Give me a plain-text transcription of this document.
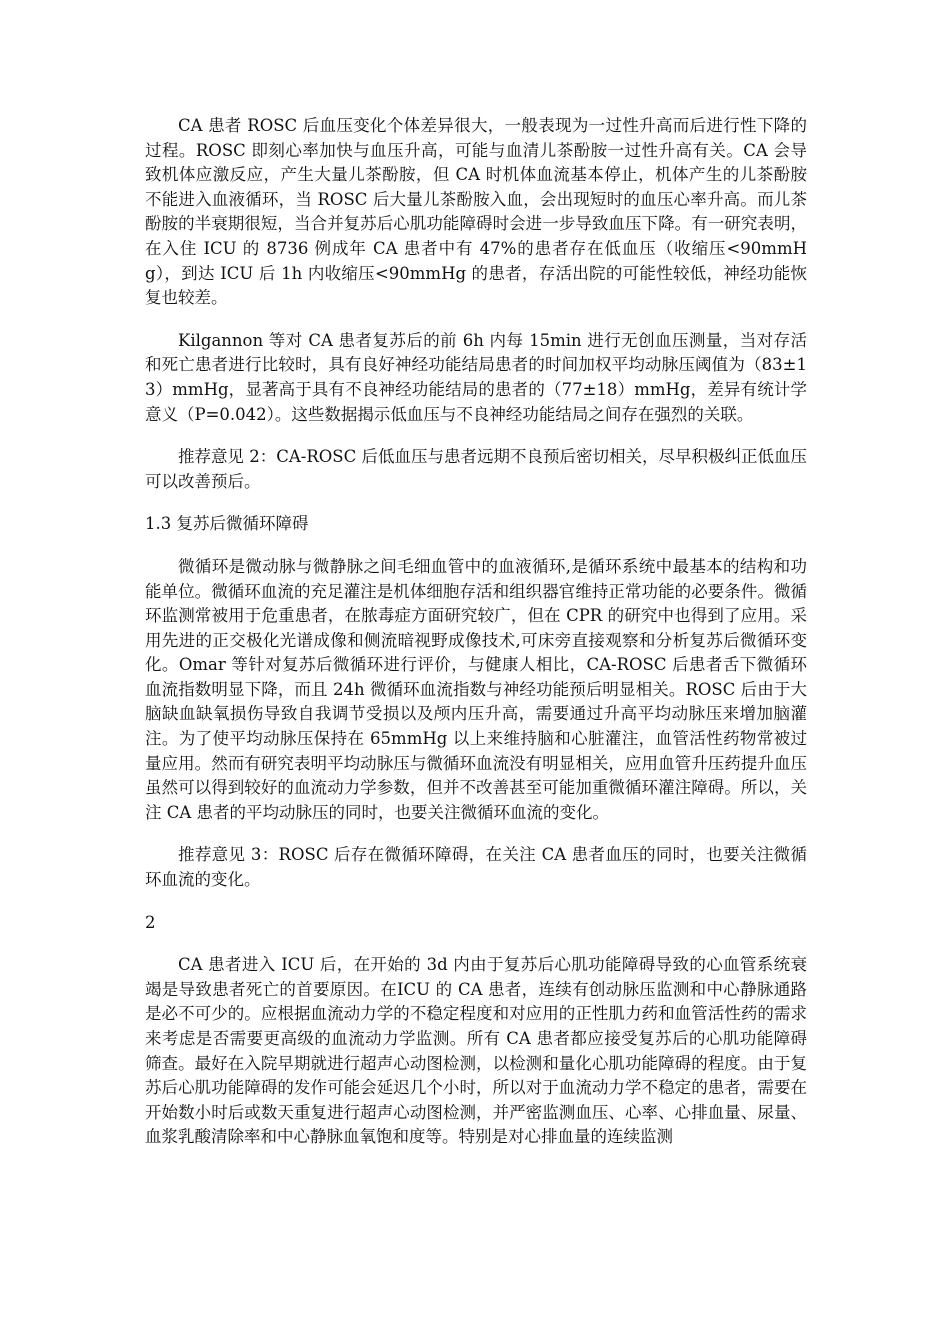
CA 患者 ROSC 后血压变化个体差异很大，一般表现为一过性升高而后进行性下降的过程。ROSC 即刻心率加快与血压升高，可能与血清儿茶酚胺一过性升高有关。CA 会导致机体应激反应，产生大量儿茶酚胺，但 CA 时机体血流基本停止，机体产生的儿茶酚胺不能进入血液循环，当 ROSC 后大量儿茶酚胺入血，会出现短时的血压心率升高。而儿茶酚胺的半衰期很短，当合并复苏后心肌功能障碍时会进一步导致血压下降。有一研究表明，在入住 ICU 的 8736 例成年 CA 患者中有 47%的患者存在低血压（收缩压<90mmHg），到达 ICU 后 1h 内收缩压<90mmHg 的患者，存活出院的可能性较低，神经功能恢复也较差。

Kilgannon 等对 CA 患者复苏后的前 6h 内每 15min 进行无创血压测量，当对存活和死亡患者进行比较时，具有良好神经功能结局患者的时间加权平均动脉压阈值为（83±13）mmHg，显著高于具有不良神经功能结局的患者的（77±18）mmHg，差异有统计学意义（P=0.042）。这些数据揭示低血压与不良神经功能结局之间存在强烈的关联。

推荐意见 2：CA-ROSC 后低血压与患者远期不良预后密切相关，尽早积极纠正低血压可以改善预后。

1.3 复苏后微循环障碍

微循环是微动脉与微静脉之间毛细血管中的血液循环,是循环系统中最基本的结构和功能单位。微循环血流的充足灌注是机体细胞存活和组织器官维持正常功能的必要条件。微循环监测常被用于危重患者，在脓毒症方面研究较广，但在 CPR 的研究中也得到了应用。采用先进的正交极化光谱成像和侧流暗视野成像技术,可床旁直接观察和分析复苏后微循环变化。Omar 等针对复苏后微循环进行评价，与健康人相比，CA-ROSC 后患者舌下微循环血流指数明显下降，而且 24h 微循环血流指数与神经功能预后明显相关。ROSC 后由于大脑缺血缺氧损伤导致自我调节受损以及颅内压升高，需要通过升高平均动脉压来增加脑灌注。为了使平均动脉压保持在 65mmHg 以上来维持脑和心脏灌注，血管活性药物常被过量应用。然而有研究表明平均动脉压与微循环血流没有明显相关，应用血管升压药提升血压虽然可以得到较好的血流动力学参数，但并不改善甚至可能加重微循环灌注障碍。所以，关注 CA 患者的平均动脉压的同时，也要关注微循环血流的变化。

推荐意见 3：ROSC 后存在微循环障碍，在关注 CA 患者血压的同时，也要关注微循环血流的变化。

2

CA 患者进入 ICU 后，在开始的 3d 内由于复苏后心肌功能障碍导致的心血管系统衰竭是导致患者死亡的首要原因。在ICU 的 CA 患者，连续有创动脉压监测和中心静脉通路是必不可少的。应根据血流动力学的不稳定程度和对应用的正性肌力药和血管活性药的需求来考虑是否需要更高级的血流动力学监测。所有 CA 患者都应接受复苏后的心肌功能障碍筛查。最好在入院早期就进行超声心动图检测，以检测和量化心肌功能障碍的程度。由于复苏后心肌功能障碍的发作可能会延迟几个小时，所以对于血流动力学不稳定的患者，需要在开始数小时后或数天重复进行超声心动图检测，并严密监测血压、心率、心排血量、尿量、血浆乳酸清除率和中心静脉血氧饱和度等。特别是对心排血量的连续监测
